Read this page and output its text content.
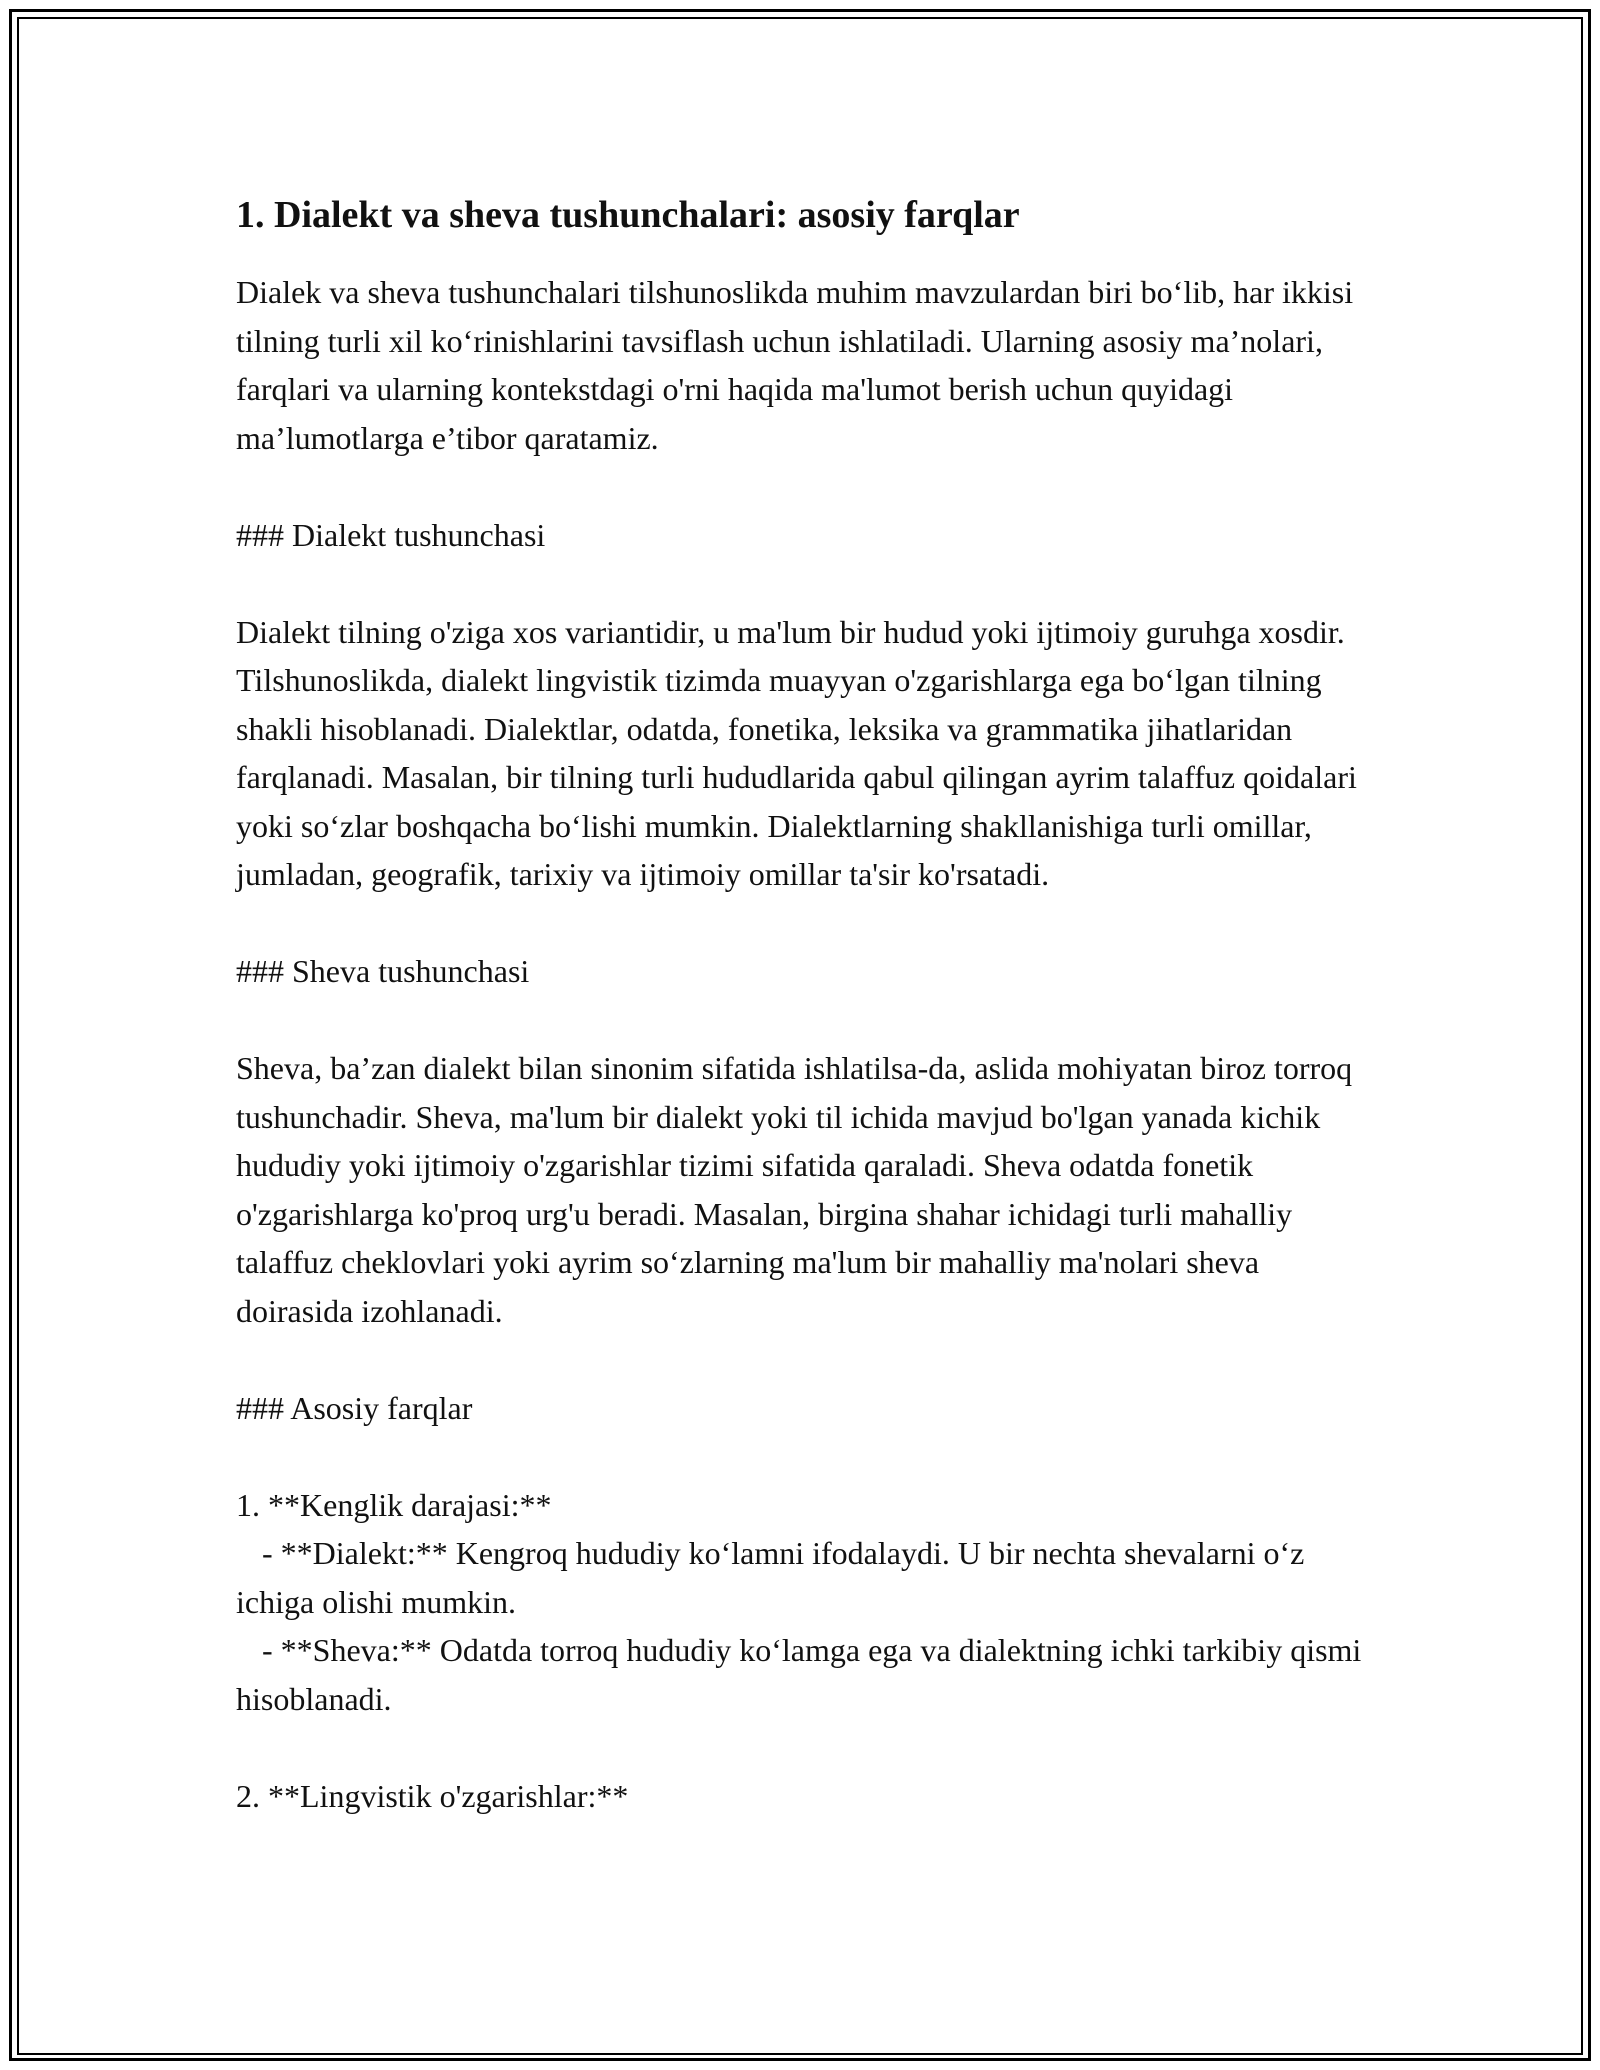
1. Dialekt va sheva tushunchalari: asosiy farqlar

Dialek va sheva tushunchalari tilshunoslikda muhim mavzulardan biri bo‘lib, har ikkisi tilning turli xil ko‘rinishlarini tavsiflash uchun ishlatiladi. Ularning asosiy ma’nolari, farqlari va ularning kontekstdagi o'rni haqida ma'lumot berish uchun quyidagi ma’lumotlarga e’tibor qaratamiz.

### Dialekt tushunchasi

Dialekt tilning o'ziga xos variantidir, u ma'lum bir hudud yoki ijtimoiy guruhga xosdir. Tilshunoslikda, dialekt lingvistik tizimda muayyan o'zgarishlarga ega bo‘lgan tilning shakli hisoblanadi. Dialektlar, odatda, fonetika, leksika va grammatika jihatlaridan farqlanadi. Masalan, bir tilning turli hududlarida qabul qilingan ayrim talaffuz qoidalari yoki so‘zlar boshqacha bo‘lishi mumkin. Dialektlarning shakllanishiga turli omillar, jumladan, geografik, tarixiy va ijtimoiy omillar ta'sir ko'rsatadi.

### Sheva tushunchasi

Sheva, ba’zan dialekt bilan sinonim sifatida ishlatilsa-da, aslida mohiyatan biroz torroq tushunchadir. Sheva, ma'lum bir dialekt yoki til ichida mavjud bo'lgan yanada kichik hududiy yoki ijtimoiy o'zgarishlar tizimi sifatida qaraladi. Sheva odatda fonetik o'zgarishlarga ko'proq urg'u beradi. Masalan, birgina shahar ichidagi turli mahalliy talaffuz cheklovlari yoki ayrim so‘zlarning ma'lum bir mahalliy ma'nolari sheva doirasida izohlanadi.

### Asosiy farqlar

1. **Kenglik darajasi:**

- **Dialekt:** Kengroq hududiy ko‘lamni ifodalaydi. U bir nechta shevalarni o‘z ichiga olishi mumkin.

- **Sheva:** Odatda torroq hududiy ko‘lamga ega va dialektning ichki tarkibiy qismi hisoblanadi.

2. **Lingvistik o'zgarishlar:**
